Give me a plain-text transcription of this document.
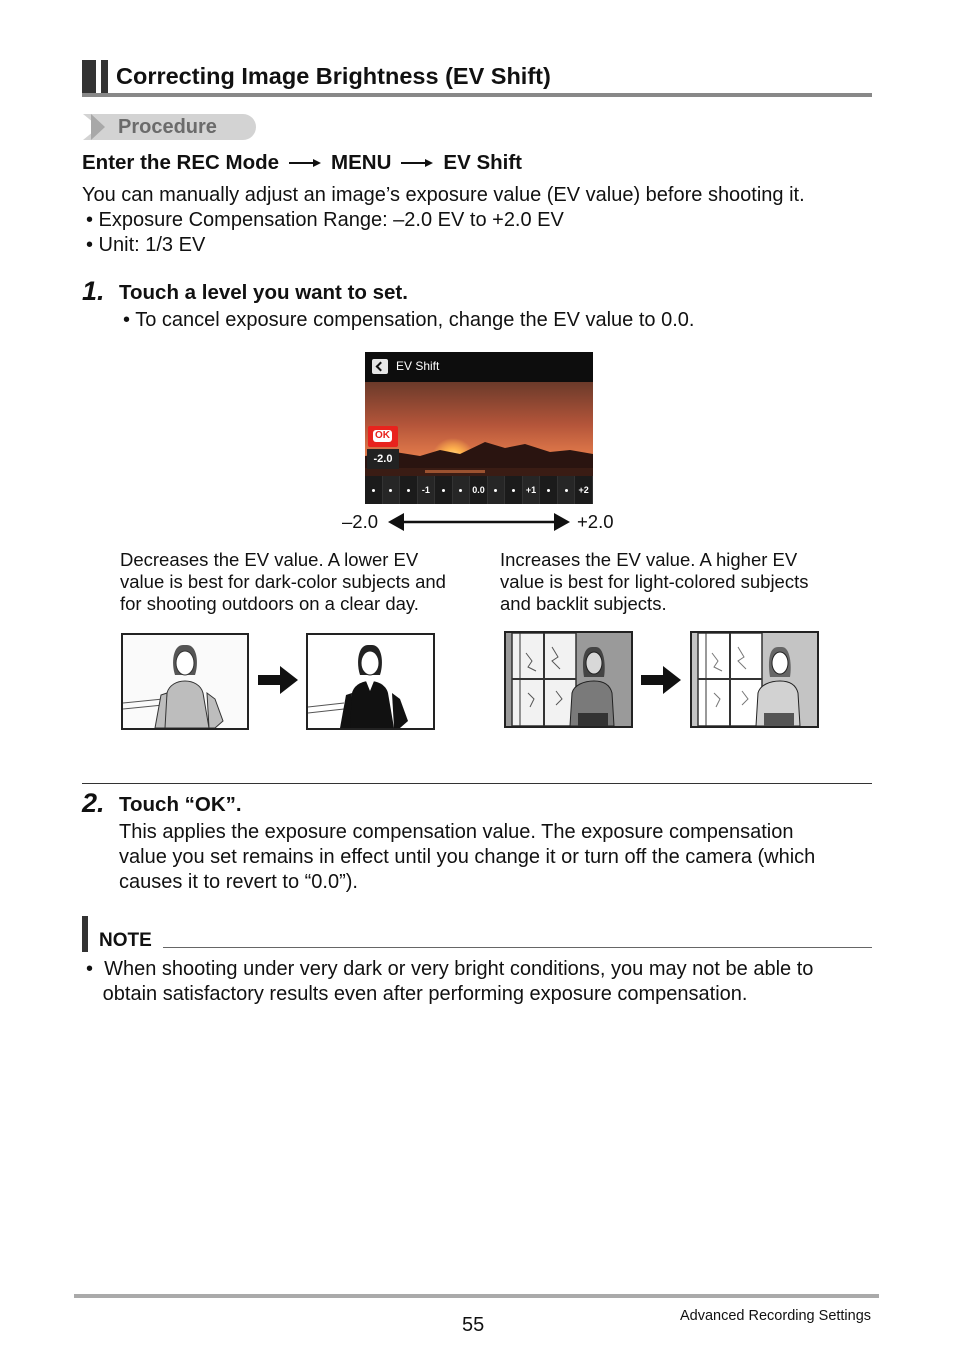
Correcting Image Brightness (EV Shift)
Procedure
Enter the REC Mode	MENU	EV Shift
You can manually adjust an image’s exposure value (EV value) before shooting it.
• Exposure Compensation Range: –2.0 EV to +2.0 EV
• Unit: 1/3 EV
1. Touch a level you want to set.
• To cancel exposure compensation, change the EV value to 0.0.
EV Shift
OK
-2.0
-1	0.0	+1	+2
–2.0	+2.0
Decreases the EV value. A lower EV
value is best for dark-color subjects and
for shooting outdoors on a clear day.
Increases the EV value. A higher EV
value is best for light-colored subjects
and backlit subjects.
2. Touch “OK”.
This applies the exposure compensation value. The exposure compensation
value you set remains in effect until you change it or turn off the camera (which
causes it to revert to “0.0”).
NOTE
•  When shooting under very dark or very bright conditions, you may not be able to
obtain satisfactory results even after performing exposure compensation.
55	Advanced Recording Settings
